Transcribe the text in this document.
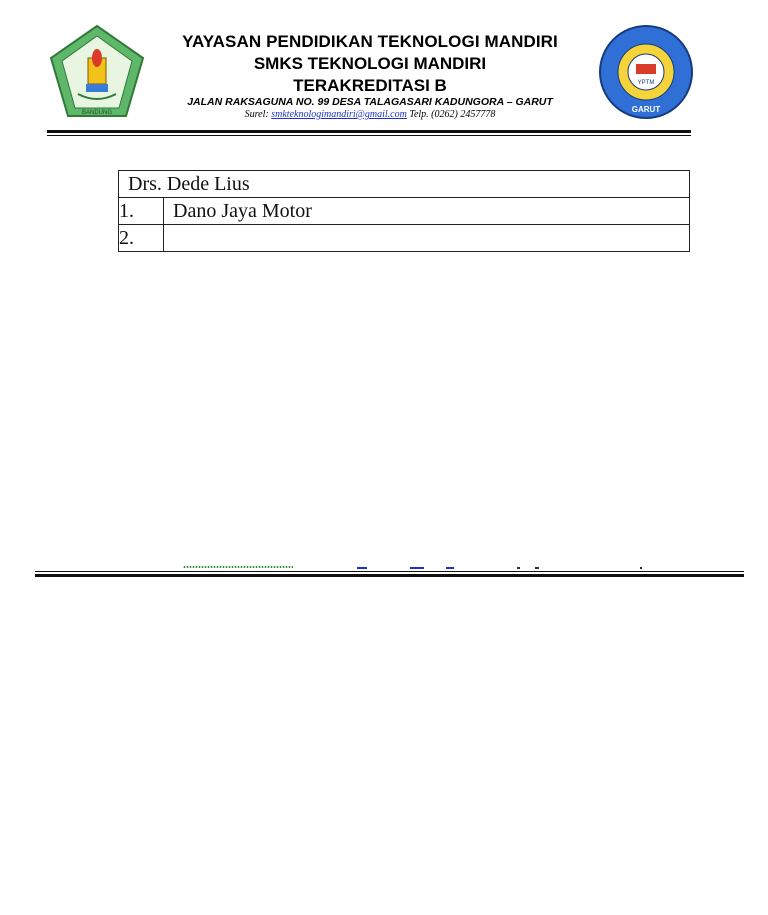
BANDUNG
YAYASAN PENDIDIKAN TEKNOLOGI MANDIRI
SMKS TEKNOLOGI MANDIRI
TERAKREDITASI B
JALAN RAKSAGUNA NO. 99 DESA TALAGASARI KADUNGORA – GARUT
Surel: smkteknologimandiri@gmail.com Telp. (0262) 2457778
YPTM
GARUT
Drs. Dede Lius	
1.	Dano Jaya Motor
2.	
